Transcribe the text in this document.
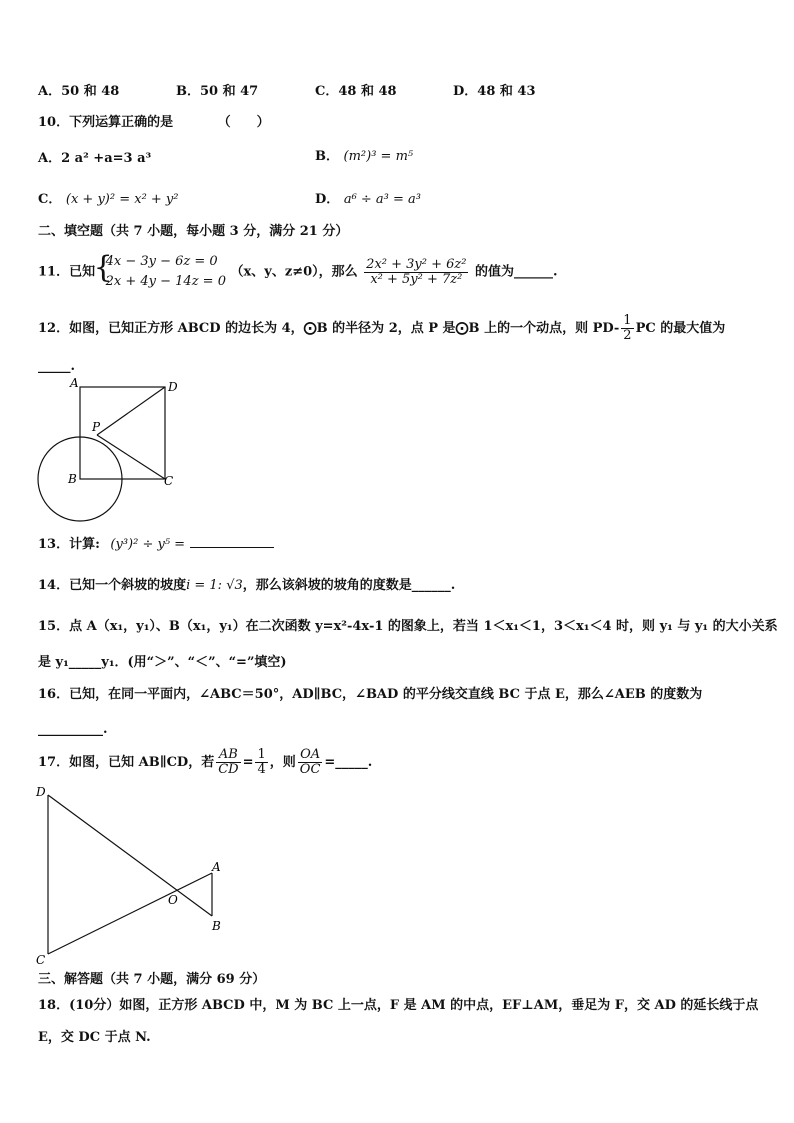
A．50 和 48	B．50 和 47	C．48 和 48	D．48 和 43
10．下列运算正确的是	（　　）
A．2 a² +a=3 a³	B． (m²)³ = m⁵
C． (x + y)² = x² + y²	D． a⁶ ÷ a³ = a³
二、填空题（共 7 小题，每小题 3 分，满分 21 分）
11．已知
{ 4x − 3y − 6z = 0
2x + 4y − 14z = 0
（x、y、z≠0），那么 $\frac{\text{2x² + 3y² + 6z²}}{\text{x² + 5y² + 7z²}}$ 的值为______.
12．如图，已知正方形 ABCD 的边长为 4，⨀B 的半径为 2，点 P 是⨀B 上的一个动点，则 $PD- \frac{1}{2}$ PC 的最大值为
_____.
A	D
P
B	C
13．计算: (y³)² ÷ y⁵ =
14．已知一个斜坡的坡度i = 1: √3，那么该斜坡的坡角的度数是______.
15．点 A（x₁，y₁）、B（x₁，y₁）在二次函数 y=x²-4x-1 的图象上，若当 1＜x₁＜1，3＜x₁＜4 时，则 y₁ 与 y₁ 的大小关系
是 y₁_____y₁．(用“＞”、“＜”、“=”填空)
16．已知，在同一平面内，∠ABC＝50°，AD∥BC，∠BAD 的平分线交直线 BC 于点 E，那么∠AEB 的度数为
__________.
17．如图，已知 AB∥CD，若 $\frac{AB}{CD} = \frac{1}{4}$ ，则 $\frac{OA}{OC}$ =_____.
D
A
O
B
C
三、解答题（共 7 小题，满分 69 分）
18．(10分）如图，正方形 ABCD 中，M 为 BC 上一点，F 是 AM 的中点，EF⊥AM，垂足为 F，交 AD 的延长线于点
E，交 DC 于点 N.
